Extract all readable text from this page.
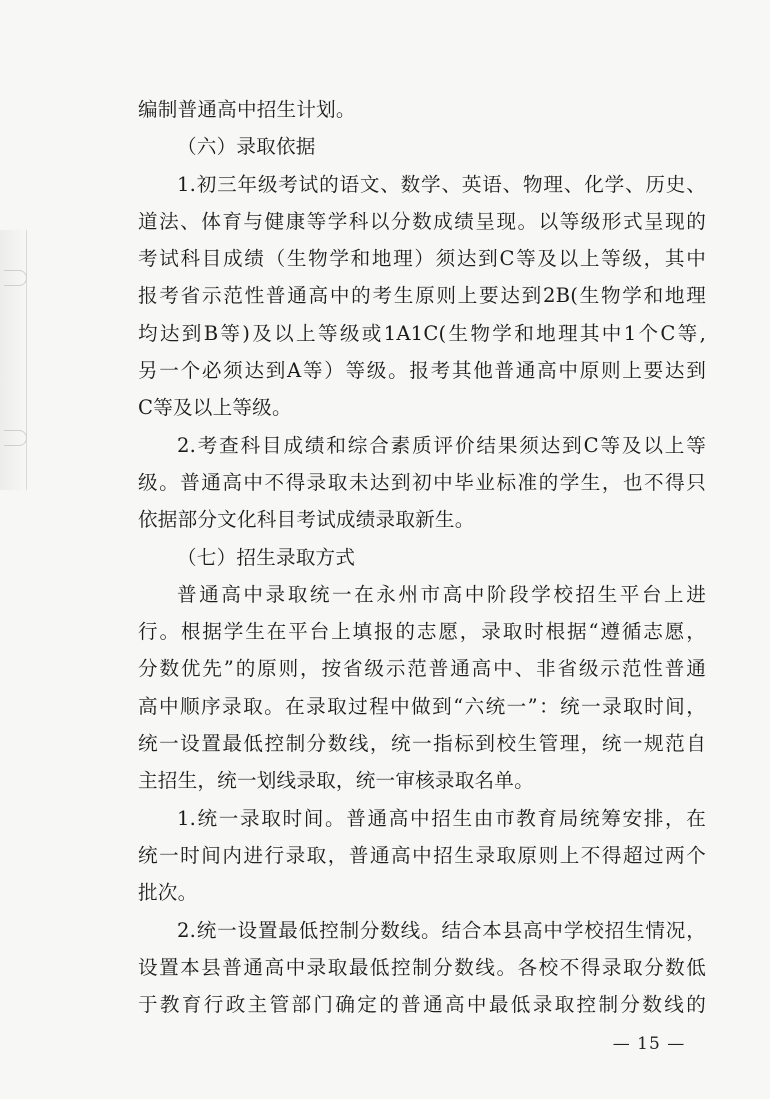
编制普通高中招生计划。
（六）录取依据
1.初三年级考试的语文、数学、英语、物理、化学、历史、
道法、体育与健康等学科以分数成绩呈现。以等级形式呈现的
考试科目成绩（生物学和地理）须达到C等及以上等级，其中
报考省示范性普通高中的考生原则上要达到2B(生物学和地理
均达到B等)及以上等级或1A1C(生物学和地理其中1个C等,
另一个必须达到A等）等级。报考其他普通高中原则上要达到
C等及以上等级。
2.考查科目成绩和综合素质评价结果须达到C等及以上等
级。普通高中不得录取未达到初中毕业标准的学生，也不得只
依据部分文化科目考试成绩录取新生。
（七）招生录取方式
普通高中录取统一在永州市高中阶段学校招生平台上进
行。根据学生在平台上填报的志愿，录取时根据“遵循志愿，
分数优先”的原则，按省级示范普通高中、非省级示范性普通
高中顺序录取。在录取过程中做到“六统一”：统一录取时间，
统一设置最低控制分数线，统一指标到校生管理，统一规范自
主招生，统一划线录取，统一审核录取名单。
1.统一录取时间。普通高中招生由市教育局统筹安排，在
统一时间内进行录取，普通高中招生录取原则上不得超过两个
批次。
2.统一设置最低控制分数线。结合本县高中学校招生情况，
设置本县普通高中录取最低控制分数线。各校不得录取分数低
于教育行政主管部门确定的普通高中最低录取控制分数线的
— 15 —
